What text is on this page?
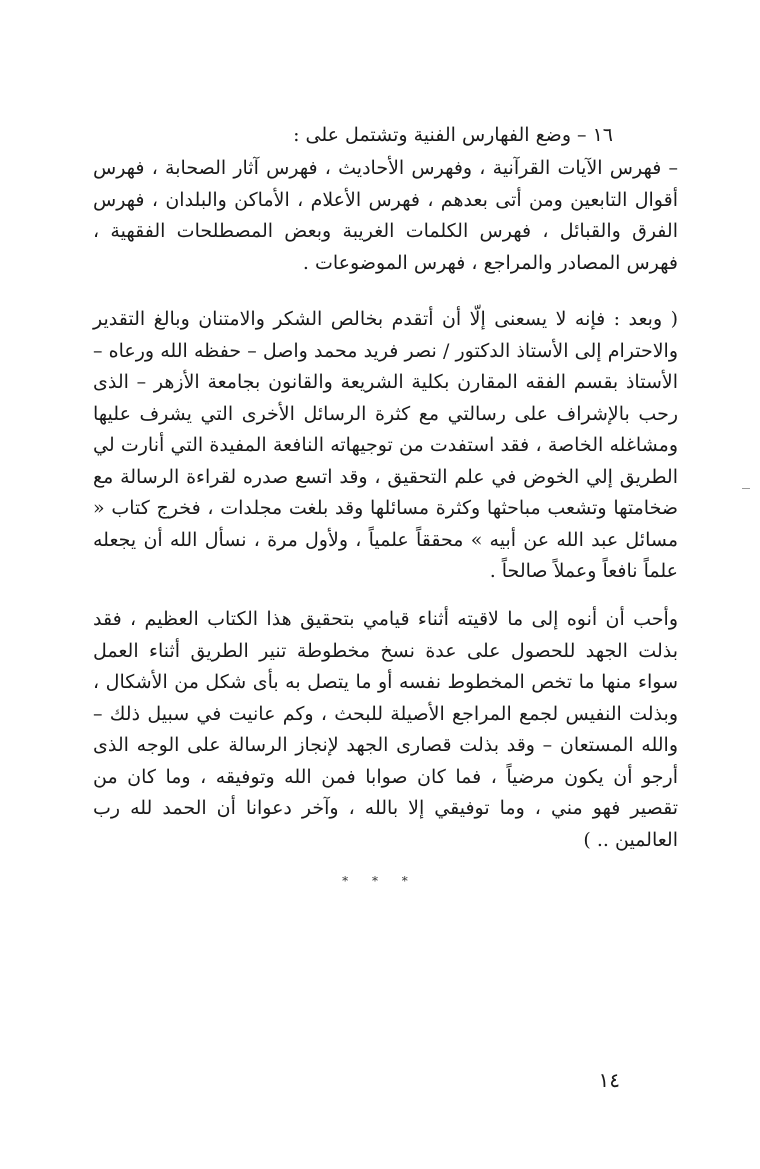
١٦ – وضع الفهارس الفنية وتشتمل على :

– فهرس الآيات القرآنية ، وفهرس الأحاديث ، فهرس آثار الصحابة ، فهرس أقوال التابعين ومن أتى بعدهم ، فهرس الأعلام ، الأماكن والبلدان ، فهرس الفرق والقبائل ، فهرس الكلمات الغريبة وبعض المصطلحات الفقهية ، فهرس المصادر والمراجع ، فهرس الموضوعات .

( وبعد : فإنه لا يسعنى إلّا أن أتقدم بخالص الشكر والامتنان وبالغ التقدير والاحترام إلى الأستاذ الدكتور / نصر فريد محمد واصل – حفظه الله ورعاه – الأستاذ بقسم الفقه المقارن بكلية الشريعة والقانون بجامعة الأزهر – الذى رحب بالإشراف على رسالتي مع كثرة الرسائل الأخرى التي يشرف عليها ومشاغله الخاصة ، فقد استفدت من توجيهاته النافعة المفيدة التي أنارت لي الطريق إلي الخوض في علم التحقيق ، وقد اتسع صدره لقراءة الرسالة مع ضخامتها وتشعب مباحثها وكثرة مسائلها وقد بلغت مجلدات ، فخرج كتاب « مسائل عبد الله عن أبيه » محققاً علمياً ، ولأول مرة ، نسأل الله أن يجعله علماً نافعاً وعملاً صالحاً .

وأحب أن أنوه إلى ما لاقيته أثناء قيامي بتحقيق هذا الكتاب العظيم ، فقد بذلت الجهد للحصول على عدة نسخ مخطوطة تنير الطريق أثناء العمل سواء منها ما تخص المخطوط نفسه أو ما يتصل به بأى شكل من الأشكال ، وبذلت النفيس لجمع المراجع الأصيلة للبحث ، وكم عانيت في سبيل ذلك – والله المستعان – وقد بذلت قصارى الجهد لإنجاز الرسالة على الوجه الذى أرجو أن يكون مرضياً ، فما كان صوابا فمن الله وتوفيقه ، وما كان من تقصير فهو مني ، وما توفيقي إلا بالله ، وآخر دعوانا أن الحمد لله رب العالمين .. )

* * *
١٤
